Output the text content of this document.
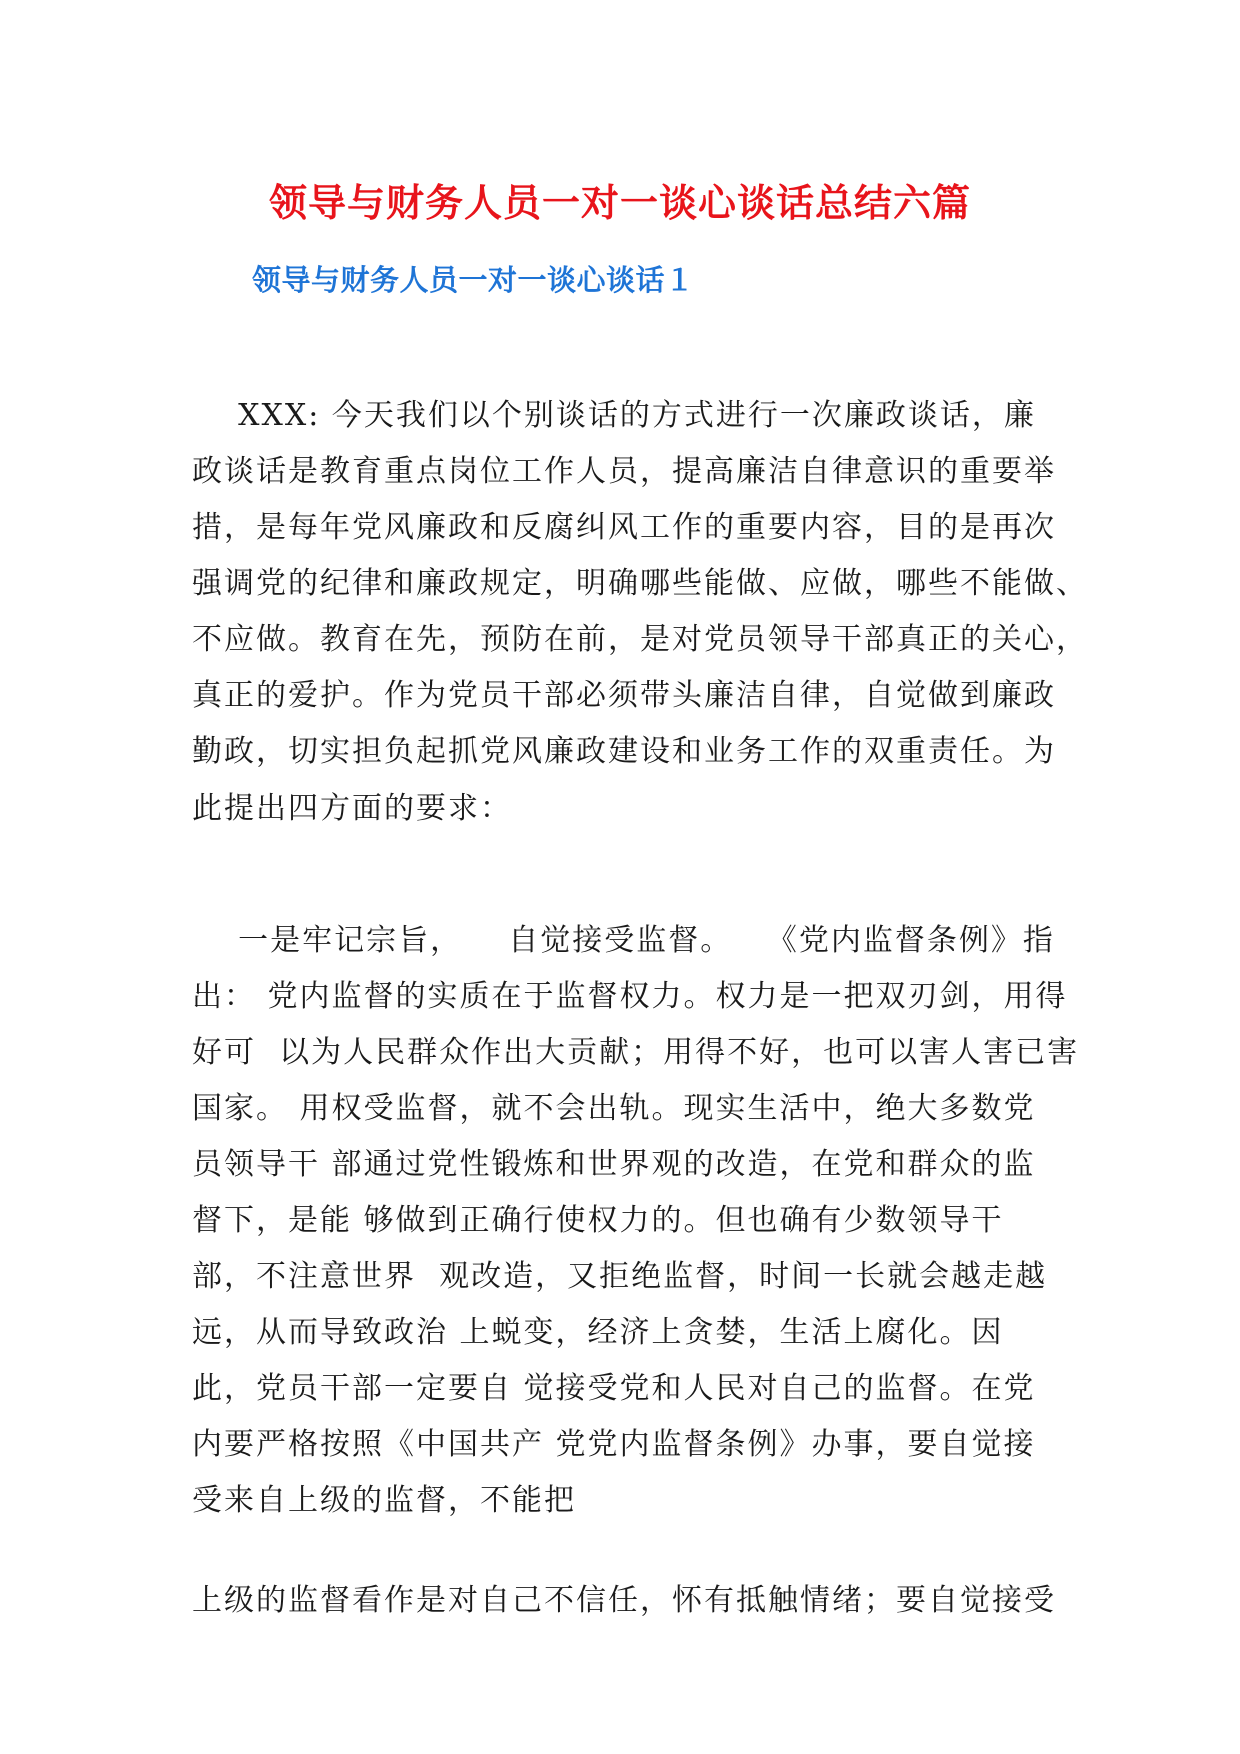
领导与财务人员一对一谈心谈话总结六篇
领导与财务人员一对一谈心谈话１
XXX: 今天我们以个别谈话的方式进行一次廉政谈话，廉
政谈话是教育重点岗位工作人员，提高廉洁自律意识的重要举
措，是每年党风廉政和反腐纠风工作的重要内容，目的是再次
强调党的纪律和廉政规定，明确哪些能做、应做，哪些不能做、
不应做。教育在先，预防在前，是对党员领导干部真正的关心，
真正的爱护。作为党员干部必须带头廉洁自律，自觉做到廉政
勤政，切实担负起抓党风廉政建设和业务工作的双重责任。为
此提出四方面的要求：
一是牢记宗旨，    自觉接受监督。   《党内监督条例》指
出： 党内监督的实质在于监督权力。权力是一把双刃剑，用得
好可  以为人民群众作出大贡献；用得不好，也可以害人害已害
国家。 用权受监督，就不会出轨。现实生活中，绝大多数党
员领导干 部通过党性锻炼和世界观的改造，在党和群众的监
督下，是能 够做到正确行使权力的。但也确有少数领导干
部，不注意世界  观改造，又拒绝监督，时间一长就会越走越
远，从而导致政治 上蜕变，经济上贪婪，生活上腐化。因
此，党员干部一定要自 觉接受党和人民对自己的监督。在党
内要严格按照《中国共产 党党内监督条例》办事，要自觉接
受来自上级的监督，不能把
上级的监督看作是对自己不信任，怀有抵触情绪；要自觉接受
